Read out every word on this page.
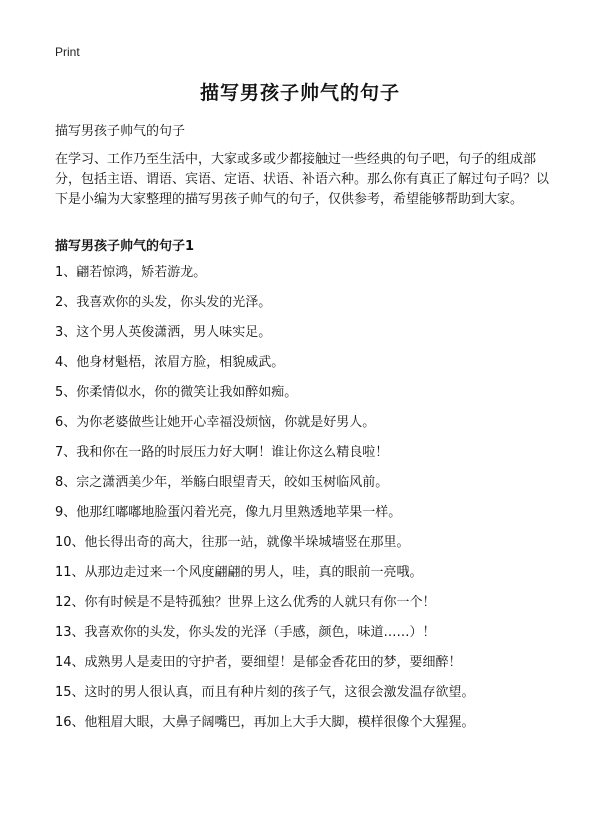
Print
描写男孩子帅气的句子
描写男孩子帅气的句子
在学习、工作乃至生活中，大家或多或少都接触过一些经典的句子吧，句子的组成部分，包括主语、谓语、宾语、定语、状语、补语六种。那么你有真正了解过句子吗？以下是小编为大家整理的描写男孩子帅气的句子，仅供参考，希望能够帮助到大家。
描写男孩子帅气的句子1
1、翩若惊鸿，矫若游龙。
2、我喜欢你的头发，你头发的光泽。
3、这个男人英俊潇洒，男人味实足。
4、他身材魁梧，浓眉方脸，相貌威武。
5、你柔情似水，你的微笑让我如醉如痴。
6、为你老婆做些让她开心幸福没烦恼，你就是好男人。
7、我和你在一路的时辰压力好大啊！谁让你这么精良啦！
8、宗之潇洒美少年，举觞白眼望青天，皎如玉树临风前。
9、他那红嘟嘟地脸蛋闪着光亮，像九月里熟透地苹果一样。
10、他长得出奇的高大，往那一站，就像半垛城墙竖在那里。
11、从那边走过来一个风度翩翩的男人，哇，真的眼前一亮哦。
12、你有时候是不是特孤独？世界上这么优秀的人就只有你一个！
13、我喜欢你的头发，你头发的光泽（手感，颜色，味道……）！
14、成熟男人是麦田的守护者，要细望！是郁金香花田的梦，要细醉！
15、这时的男人很认真，而且有种片刻的孩子气，这很会激发温存欲望。
16、他粗眉大眼，大鼻子阔嘴巴，再加上大手大脚，模样很像个大猩猩。
